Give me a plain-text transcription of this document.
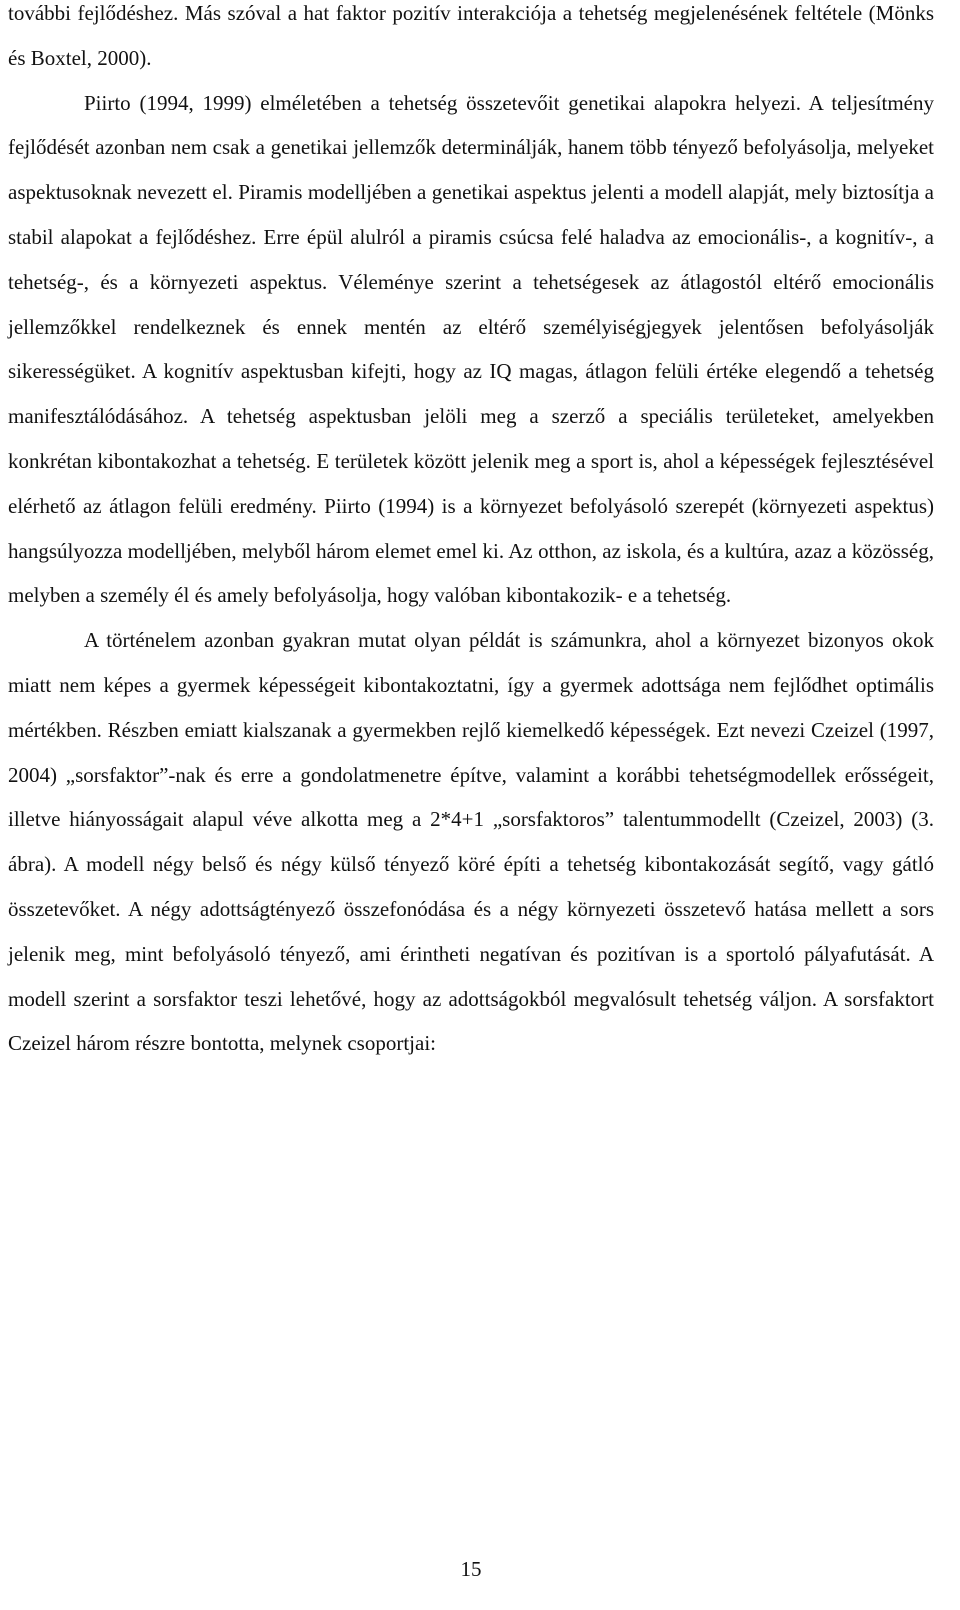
további fejlődéshez. Más szóval a hat faktor pozitív interakciója a tehetség megjelenésének feltétele (Mönks és Boxtel, 2000).

Piirto (1994, 1999) elméletében a tehetség összetevőit genetikai alapokra helyezi. A teljesítmény fejlődését azonban nem csak a genetikai jellemzők determinálják, hanem több tényező befolyásolja, melyeket aspektusoknak nevezett el. Piramis modelljében a genetikai aspektus jelenti a modell alapját, mely biztosítja a stabil alapokat a fejlődéshez. Erre épül alulról a piramis csúcsa felé haladva az emocionális-, a kognitív-, a tehetség-, és a környezeti aspektus. Véleménye szerint a tehetségesek az átlagostól eltérő emocionális jellemzőkkel rendelkeznek és ennek mentén az eltérő személyiségjegyek jelentősen befolyásolják sikerességüket. A kognitív aspektusban kifejti, hogy az IQ magas, átlagon felüli értéke elegendő a tehetség manifesztálódásához. A tehetség aspektusban jelöli meg a szerző a speciális területeket, amelyekben konkrétan kibontakozhat a tehetség. E területek között jelenik meg a sport is, ahol a képességek fejlesztésével elérhető az átlagon felüli eredmény. Piirto (1994) is a környezet befolyásoló szerepét (környezeti aspektus) hangsúlyozza modelljében, melyből három elemet emel ki. Az otthon, az iskola, és a kultúra, azaz a közösség, melyben a személy él és amely befolyásolja, hogy valóban kibontakozik- e a tehetség.

A történelem azonban gyakran mutat olyan példát is számunkra, ahol a környezet bizonyos okok miatt nem képes a gyermek képességeit kibontakoztatni, így a gyermek adottsága nem fejlődhet optimális mértékben. Részben emiatt kialszanak a gyermekben rejlő kiemelkedő képességek. Ezt nevezi Czeizel (1997, 2004) „sorsfaktor”-nak és erre a gondolatmenetre építve, valamint a korábbi tehetségmodellek erősségeit, illetve hiányosságait alapul véve alkotta meg a 2*4+1 „sorsfaktoros” talentummodellt (Czeizel, 2003) (3. ábra). A modell négy belső és négy külső tényező köré építi a tehetség kibontakozását segítő, vagy gátló összetevőket. A négy adottságtényező összefonódása és a négy környezeti összetevő hatása mellett a sors jelenik meg, mint befolyásoló tényező, ami érintheti negatívan és pozitívan is a sportoló pályafutását. A modell szerint a sorsfaktor teszi lehetővé, hogy az adottságokból megvalósult tehetség váljon. A sorsfaktort Czeizel három részre bontotta, melynek csoportjai:

15
